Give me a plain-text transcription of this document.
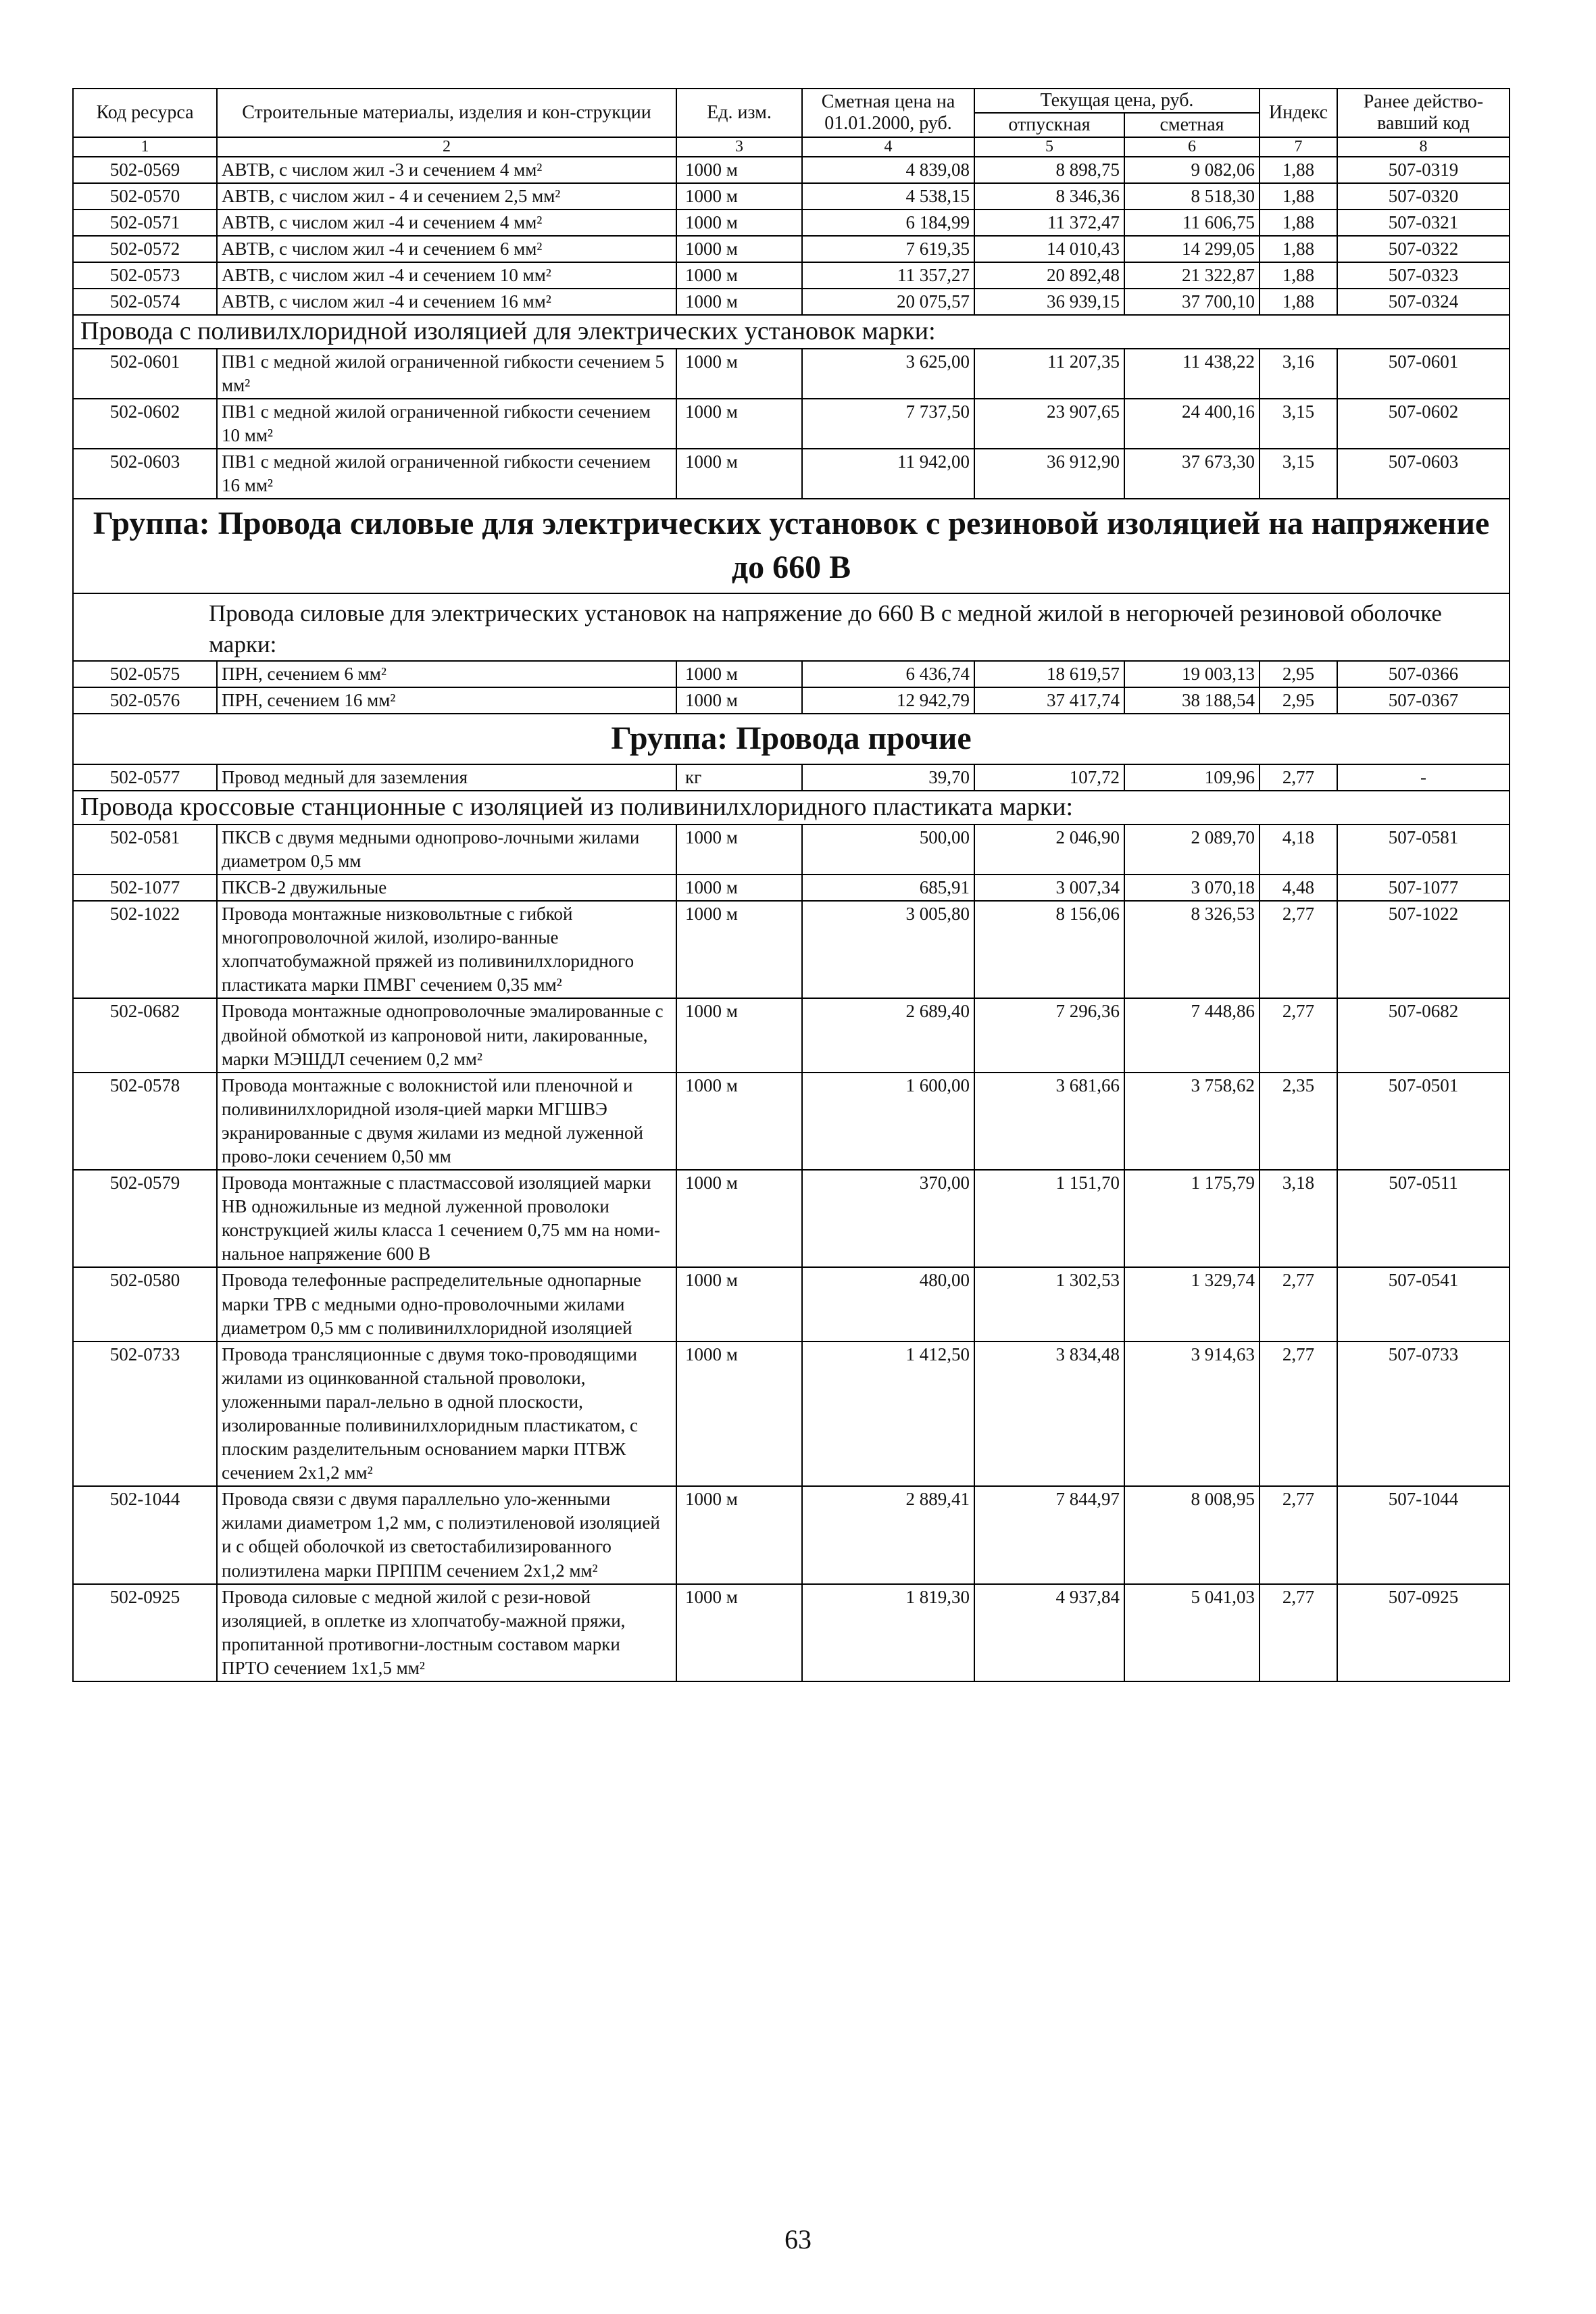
Код ресурса	Строительные материалы, изделия и кон-струкции	Ед. изм.	Сметная цена на 01.01.2000, руб.	Текущая цена, руб.		Индекс	Ранее действо-вавший код
				отпускная	сметная		
1	2	3	4	5	6	7	8
502-0569	АВТВ, с числом жил -3 и сечением 4 мм²	1000 м	4 839,08	8 898,75	9 082,06	1,88	507-0319
502-0570	АВТВ, с числом жил - 4 и сечением 2,5 мм²	1000 м	4 538,15	8 346,36	8 518,30	1,88	507-0320
502-0571	АВТВ, с числом жил -4 и сечением 4 мм²	1000 м	6 184,99	11 372,47	11 606,75	1,88	507-0321
502-0572	АВТВ, с числом жил -4 и сечением 6 мм²	1000 м	7 619,35	14 010,43	14 299,05	1,88	507-0322
502-0573	АВТВ, с числом жил -4 и сечением 10 мм²	1000 м	11 357,27	20 892,48	21 322,87	1,88	507-0323
502-0574	АВТВ, с числом жил -4 и сечением 16 мм²	1000 м	20 075,57	36 939,15	37 700,10	1,88	507-0324
Провода с поливилхлоридной изоляцией для электрических установок марки:							
502-0601	ПВ1 с медной жилой ограниченной гибкости сечением 5 мм²	1000 м	3 625,00	11 207,35	11 438,22	3,16	507-0601
502-0602	ПВ1 с медной жилой ограниченной гибкости сечением 10 мм²	1000 м	7 737,50	23 907,65	24 400,16	3,15	507-0602
502-0603	ПВ1 с медной жилой ограниченной гибкости сечением 16 мм²	1000 м	11 942,00	36 912,90	37 673,30	3,15	507-0603
Группа: Провода силовые для электрических установок с резиновой изоляцией на напряжение до 660 В							
Провода силовые для электрических установок на напряжение до 660 В с медной жилой в негорючей резиновой оболочке марки:							
502-0575	ПРН, сечением 6 мм²	1000 м	6 436,74	18 619,57	19 003,13	2,95	507-0366
502-0576	ПРН, сечением 16 мм²	1000 м	12 942,79	37 417,74	38 188,54	2,95	507-0367
Группа: Провода прочие							
502-0577	Провод медный для заземления	кг	39,70	107,72	109,96	2,77	-
Провода кроссовые станционные с изоляцией из поливинилхлоридного пластиката марки:							
502-0581	ПКСВ с двумя медными однопрово-лочными жилами диаметром 0,5 мм	1000 м	500,00	2 046,90	2 089,70	4,18	507-0581
502-1077	ПКСВ-2 двужильные	1000 м	685,91	3 007,34	3 070,18	4,48	507-1077
502-1022	Провода монтажные низковольтные с гибкой многопроволочной жилой, изолиро-ванные хлопчатобумажной пряжей из поливинилхлоридного пластиката марки ПМВГ сечением 0,35 мм²	1000 м	3 005,80	8 156,06	8 326,53	2,77	507-1022
502-0682	Провода монтажные однопроволочные эмалированные с двойной обмоткой из капроновой нити, лакированные, марки МЭШДЛ сечением 0,2 мм²	1000 м	2 689,40	7 296,36	7 448,86	2,77	507-0682
502-0578	Провода монтажные с волокнистой или пленочной и поливинилхлоридной изоля-цией марки МГШВЭ экранированные с двумя жилами из медной луженной прово-локи сечением 0,50 мм	1000 м	1 600,00	3 681,66	3 758,62	2,35	507-0501
502-0579	Провода монтажные с пластмассовой изоляцией марки НВ одножильные из медной луженной проволоки конструкцией жилы класса 1 сечением 0,75 мм на номи-нальное напряжение 600 В	1000 м	370,00	1 151,70	1 175,79	3,18	507-0511
502-0580	Провода телефонные распределительные однопарные марки ТРВ с медными одно-проволочными жилами диаметром 0,5 мм с поливинилхлоридной изоляцией	1000 м	480,00	1 302,53	1 329,74	2,77	507-0541
502-0733	Провода трансляционные с двумя токо-проводящими жилами из оцинкованной стальной проволоки, уложенными парал-лельно в одной плоскости, изолированные поливинилхлоридным пластикатом, с плоским разделительным основанием марки ПТВЖ сечением 2х1,2 мм²	1000 м	1 412,50	3 834,48	3 914,63	2,77	507-0733
502-1044	Провода связи с двумя параллельно уло-женными жилами диаметром 1,2 мм, с полиэтиленовой изоляцией и с общей оболочкой из светостабилизированного полиэтилена марки ПРППМ сечением 2х1,2 мм²	1000 м	2 889,41	7 844,97	8 008,95	2,77	507-1044
502-0925	Провода силовые с медной жилой с рези-новой изоляцией, в оплетке из хлопчатобу-мажной пряжи, пропитанной противогни-лостным составом марки ПРТО сечением 1х1,5 мм²	1000 м	1 819,30	4 937,84	5 041,03	2,77	507-0925
63
